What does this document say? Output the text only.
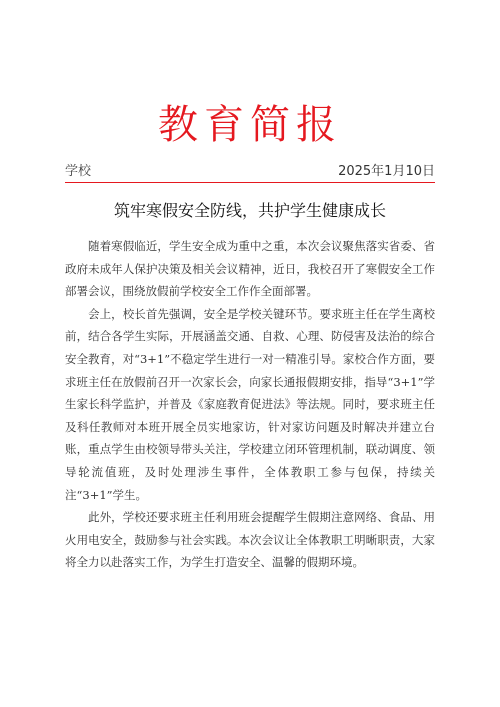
教育简报
学校	2025年1月10日
筑牢寒假安全防线，共护学生健康成长

随着寒假临近，学生安全成为重中之重，本次会议聚焦落实省委、省政府未成年人保护决策及相关会议精神，近日，我校召开了寒假安全工作部署会议，围绕放假前学校安全工作作全面部署。

会上，校长首先强调，安全是学校关键环节。要求班主任在学生离校前，结合各学生实际，开展涵盖交通、自救、心理、防侵害及法治的综合安全教育，对“3+1”不稳定学生进行一对一精准引导。家校合作方面，要求班主任在放假前召开一次家长会，向家长通报假期安排，指导“3+1”学生家长科学监护，并普及《家庭教育促进法》等法规。同时，要求班主任及科任教师对本班开展全员实地家访，针对家访问题及时解决并建立台账，重点学生由校领导带头关注，学校建立闭环管理机制，联动调度、领导轮流值班，及时处理涉生事件，全体教职工参与包保，持续关注“3+1”学生。

此外，学校还要求班主任利用班会提醒学生假期注意网络、食品、用火用电安全，鼓励参与社会实践。本次会议让全体教职工明晰职责，大家将全力以赴落实工作，为学生打造安全、温馨的假期环境。
